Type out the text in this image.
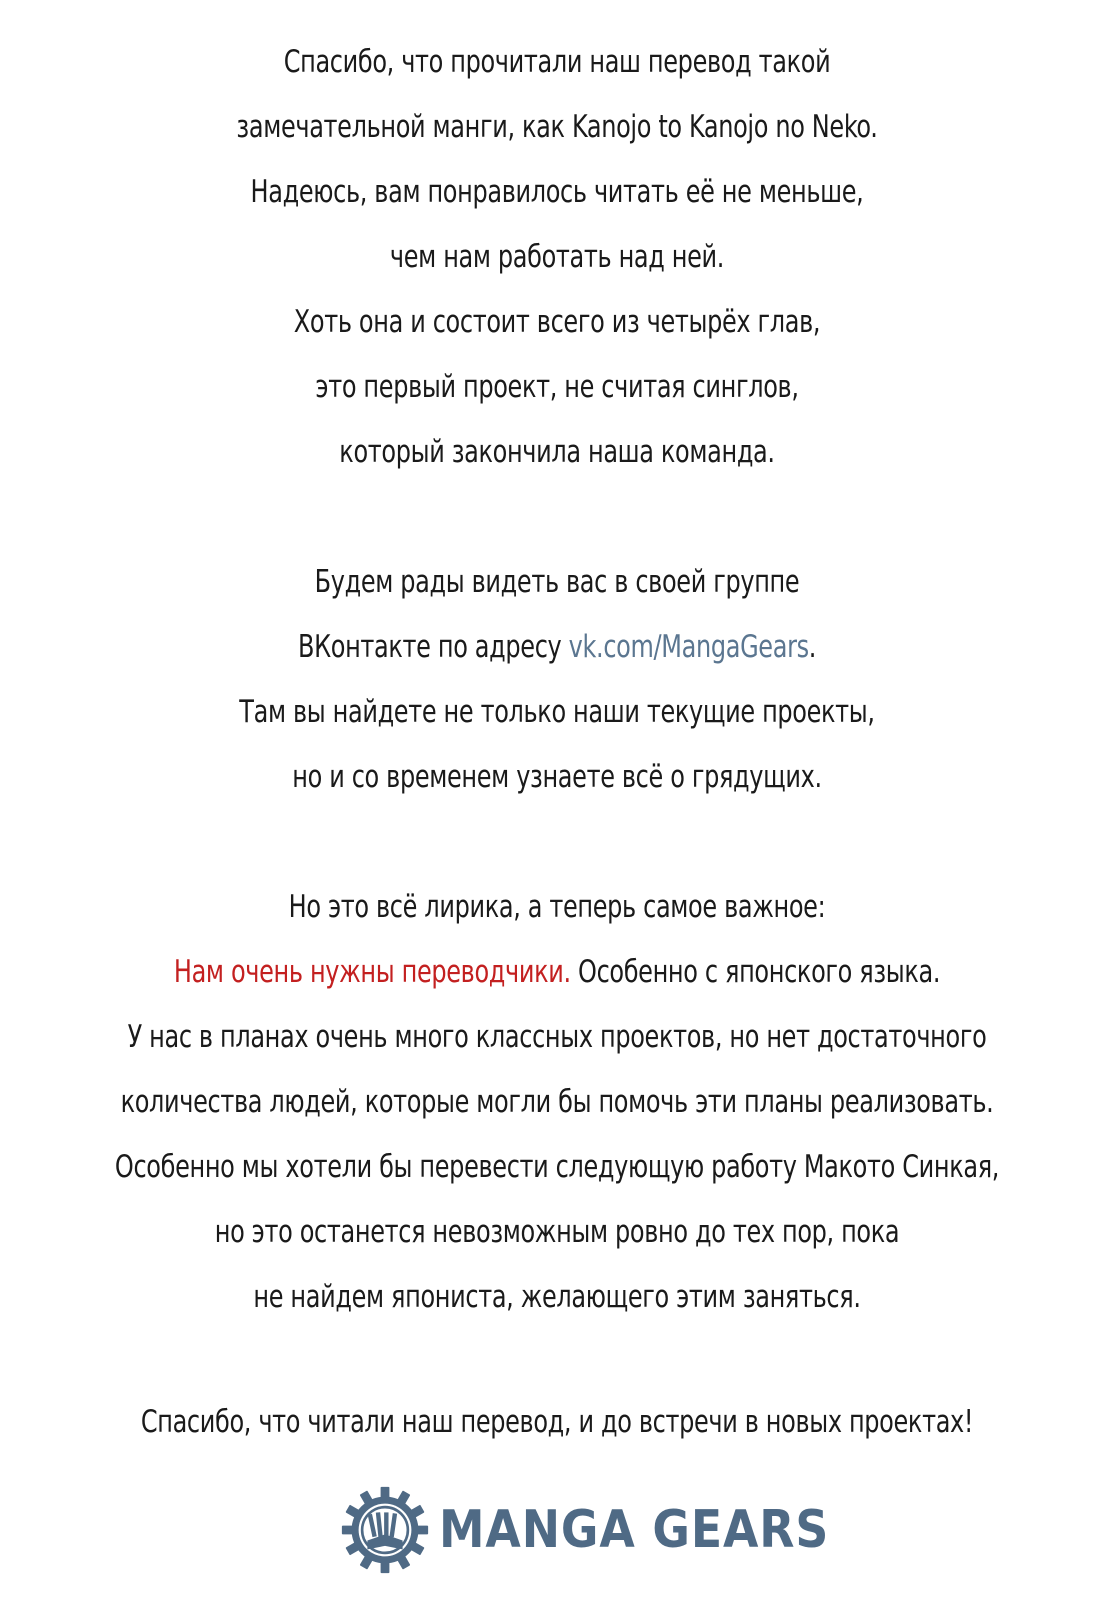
Спасибо, что прочитали наш перевод такой
замечательной манги, как Kanojo to Kanojo no Neko.
Надеюсь, вам понравилось читать её не меньше,
чем нам работать над ней.
Хоть она и состоит всего из четырёх глав,
это первый проект, не считая синглов,
который закончила наша команда.
Будем рады видеть вас в своей группе
ВКонтакте по адресу vk.com/MangaGears.
Там вы найдете не только наши текущие проекты,
но и со временем узнаете всё о грядущих.
Но это всё лирика, а теперь самое важное:
Нам очень нужны переводчики. Особенно с японского языка.
У нас в планах очень много классных проектов, но нет достаточного
количества людей, которые могли бы помочь эти планы реализовать.
Особенно мы хотели бы перевести следующую работу Макото Синкая,
но это останется невозможным ровно до тех пор, пока
не найдем япониста, желающего этим заняться.
Спасибо, что читали наш перевод, и до встречи в новых проектах!
MANGA GEARS
